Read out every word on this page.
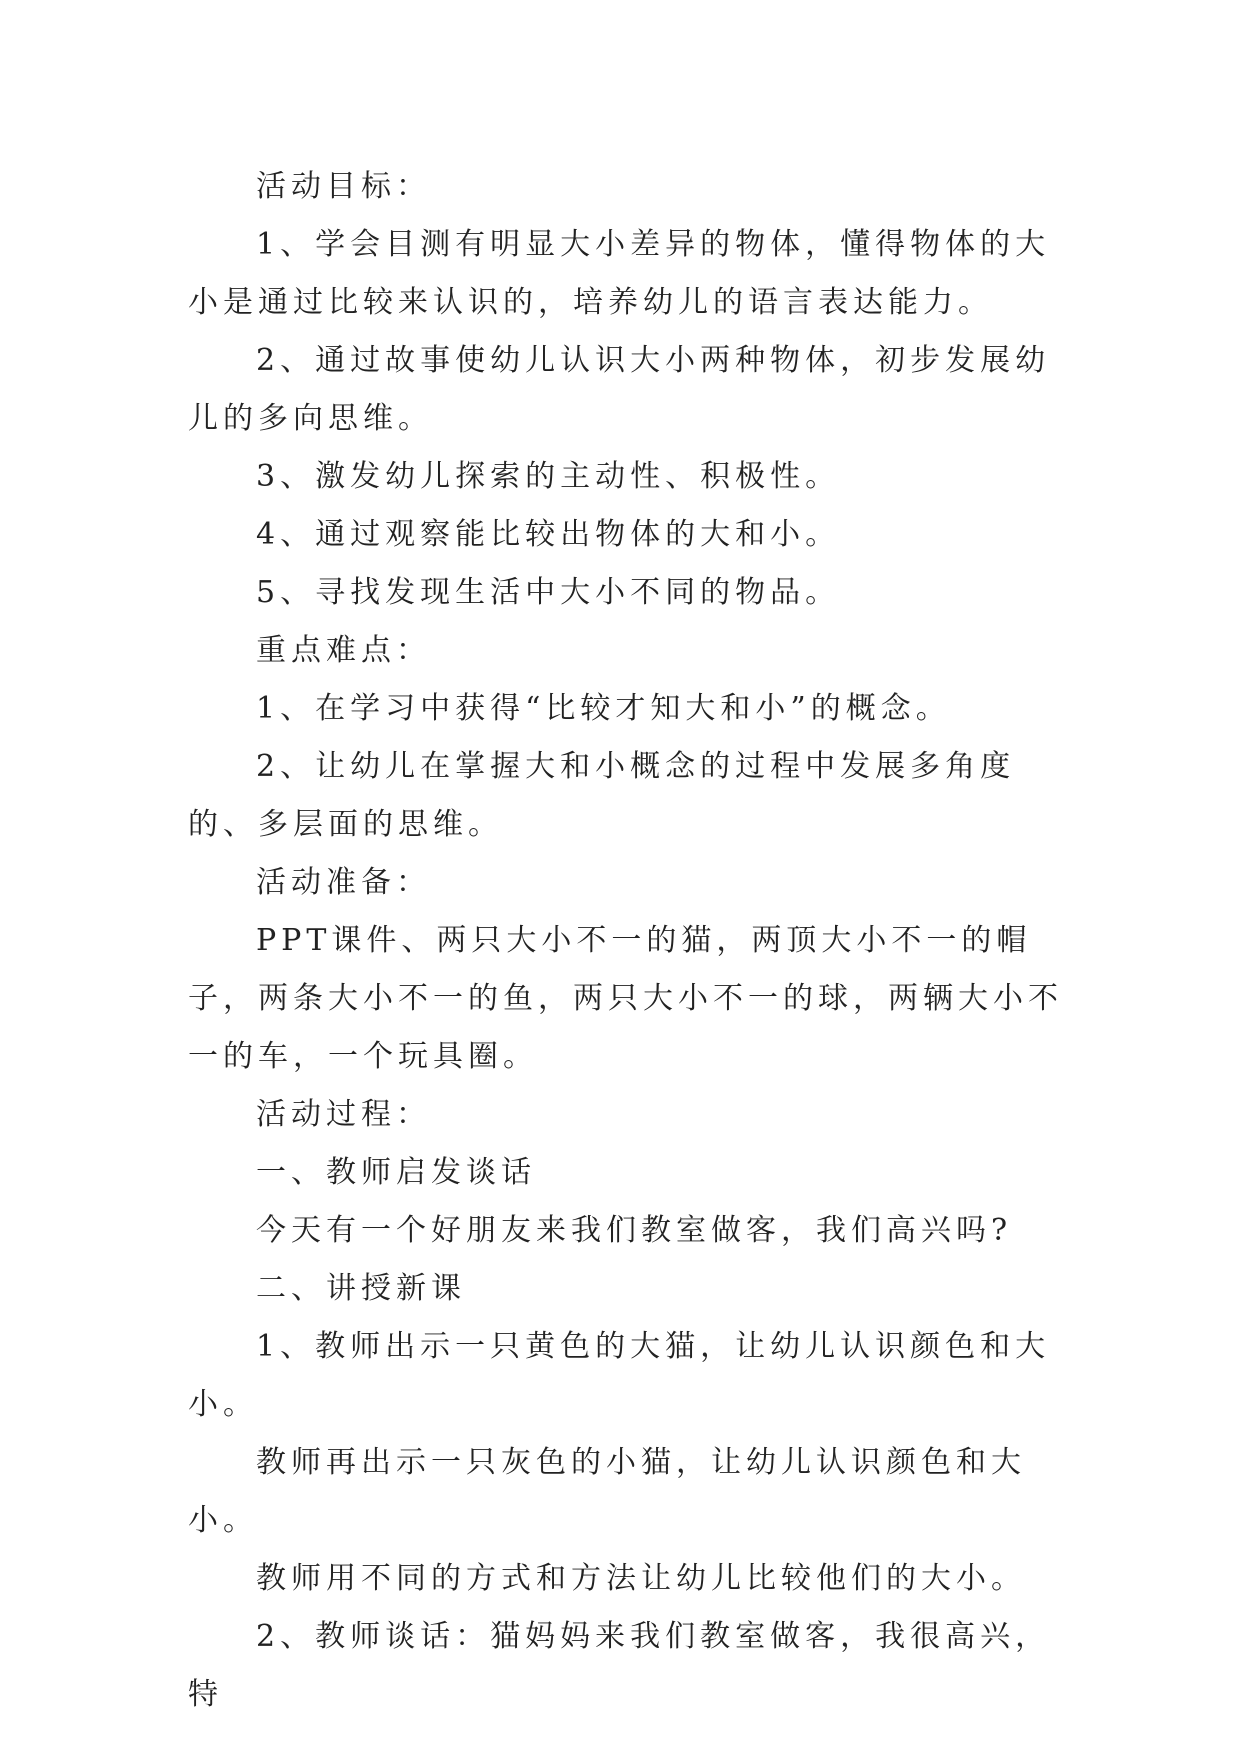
活动目标：

1、学会目测有明显大小差异的物体，懂得物体的大小是通过比较来认识的，培养幼儿的语言表达能力。

2、通过故事使幼儿认识大小两种物体，初步发展幼儿的多向思维。

3、激发幼儿探索的主动性、积极性。

4、通过观察能比较出物体的大和小。

5、寻找发现生活中大小不同的物品。

重点难点：

1、在学习中获得“比较才知大和小”的概念。

2、让幼儿在掌握大和小概念的过程中发展多角度的、多层面的思维。

活动准备：

PPT课件、两只大小不一的猫，两顶大小不一的帽子，两条大小不一的鱼，两只大小不一的球，两辆大小不一的车，一个玩具圈。

活动过程：

一、教师启发谈话

今天有一个好朋友来我们教室做客，我们高兴吗?

二、讲授新课

1、教师出示一只黄色的大猫，让幼儿认识颜色和大小。

教师再出示一只灰色的小猫，让幼儿认识颜色和大小。

教师用不同的方式和方法让幼儿比较他们的大小。

2、教师谈话：猫妈妈来我们教室做客，我很高兴，特
